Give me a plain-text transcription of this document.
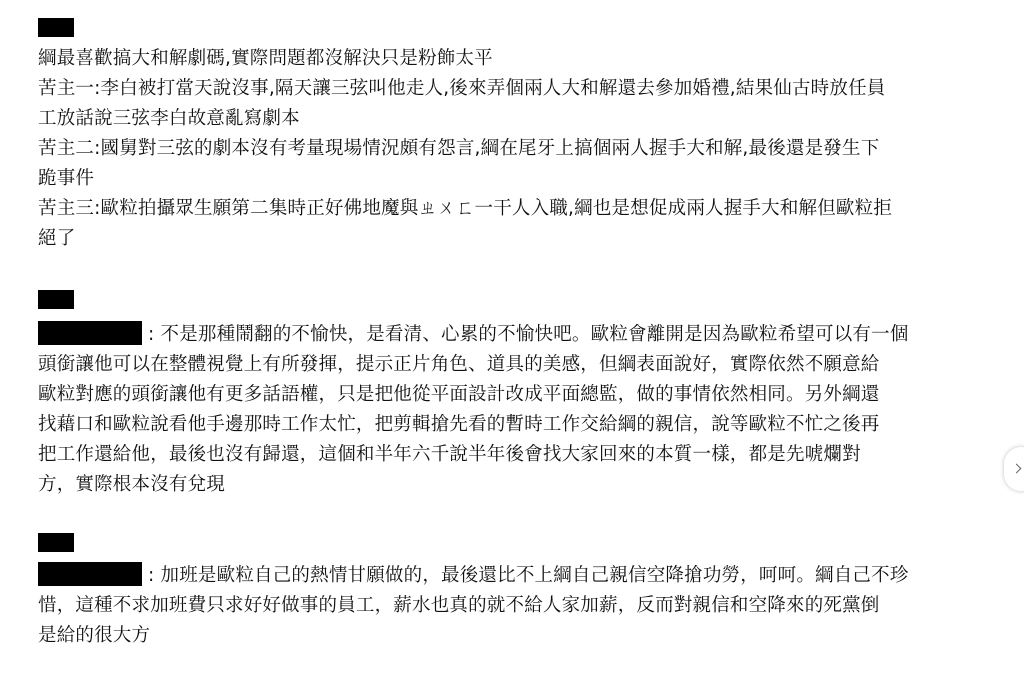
綱最喜歡搞大和解劇碼,實際問題都沒解決只是粉飾太平
苦主一:李白被打當天說沒事,隔天讓三弦叫他走人,後來弄個兩人大和解還去參加婚禮,結果仙古時放任員
工放話說三弦李白故意亂寫劇本
苦主二:國舅對三弦的劇本沒有考量現場情況頗有怨言,綱在尾牙上搞個兩人握手大和解,最後還是發生下
跪事件
苦主三:歐粒拍攝眾生願第二集時正好佛地魔與ㄓㄨㄈ一干人入職,綱也是想促成兩人握手大和解但歐粒拒
絕了
: 不是那種鬧翻的不愉快，是看清、心累的不愉快吧。歐粒會離開是因為歐粒希望可以有一個
頭銜讓他可以在整體視覺上有所發揮，提示正片角色、道具的美感，但綱表面說好，實際依然不願意給
歐粒對應的頭銜讓他有更多話語權，只是把他從平面設計改成平面總監，做的事情依然相同。另外綱還
找藉口和歐粒說看他手邊那時工作太忙，把剪輯搶先看的暫時工作交給綱的親信，說等歐粒不忙之後再
把工作還給他，最後也沒有歸還，這個和半年六千說半年後會找大家回來的本質一樣，都是先唬爛對
方，實際根本沒有兌現
: 加班是歐粒自己的熱情甘願做的，最後還比不上綱自己親信空降搶功勞，呵呵。綱自己不珍
惜，這種不求加班費只求好好做事的員工，薪水也真的就不給人家加薪，反而對親信和空降來的死黨倒
是給的很大方
